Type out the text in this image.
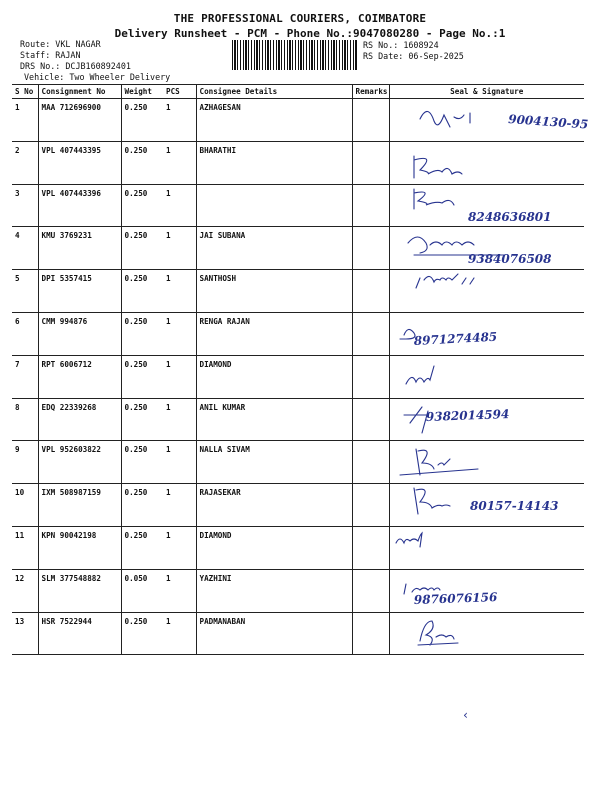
THE PROFESSIONAL COURIERS, COIMBATORE
Delivery Runsheet - PCM - Phone No.:9047080280 - Page No.:1
Route: VKL NAGAR
Staff: RAJAN
DRS No.: DCJB160892401
Vehicle: Two Wheeler Delivery
RS No.: 1608924
RS Date: 06-Sep-2025
S No	Consignment No	Weight	PCS	Consignee Details	Remarks	Seal & Signature
1	MAA 712696900	0.250	1	AZHAGESAN		9004130-95

2	VPL 407443395	0.250	1	BHARATHI		

3	VPL 407443396	0.250	1			8248636801

4	KMU 3769231	0.250	1	JAI SUBANA		9384076508

5	DPI 5357415	0.250	1	SANTHOSH		

6	CMM 994876	0.250	1	RENGA RAJAN		8971274485

7	RPT 6006712	0.250	1	DIAMOND		

8	EDQ 22339268	0.250	1	ANIL KUMAR		9382014594

9	VPL 952603822	0.250	1	NALLA SIVAM		

10	IXM 508987159	0.250	1	RAJASEKAR		80157-14143

11	KPN 90042198	0.250	1	DIAMOND		

12	SLM 377548882	0.050	1	YAZHINI		9876076156

13	HSR 7522944	0.250	1	PADMANABAN		
‹
